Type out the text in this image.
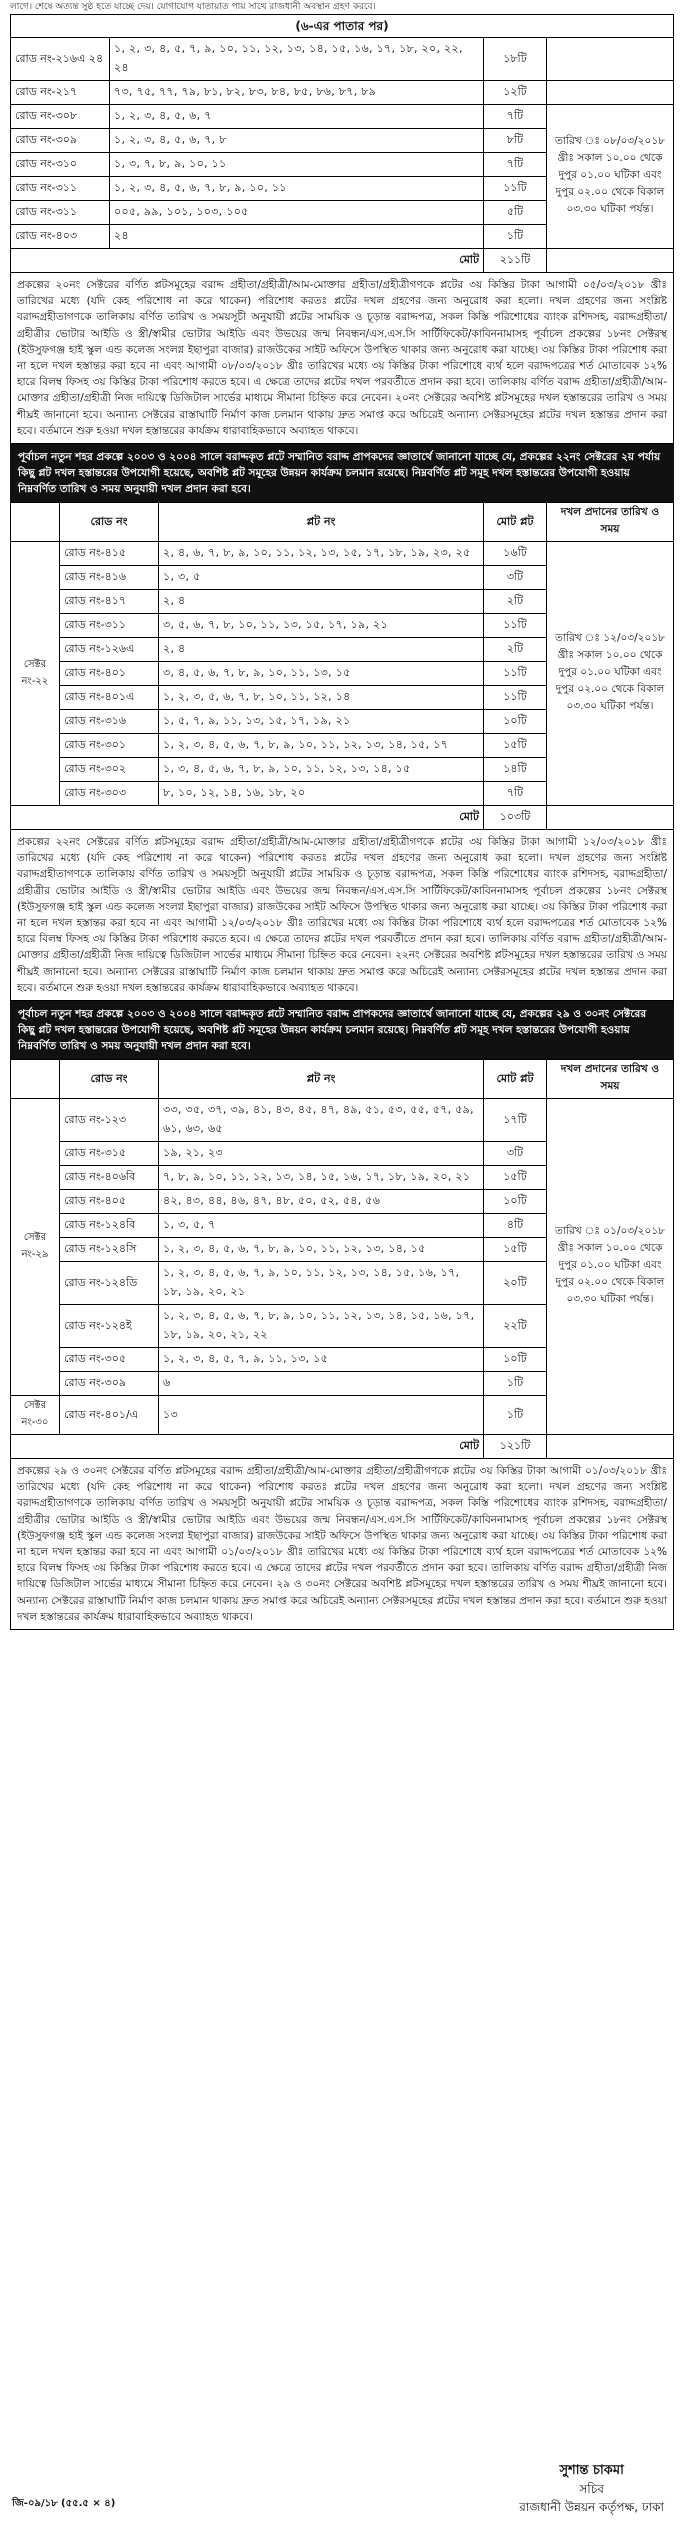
লাগে। শেষে অত্যন্ত সুষ্ঠ হতে যাচ্ছে দেয়। যোগাযোগ যাতায়াত পায় সাথে রাজধানী অবস্থান গ্রহণ করবে।
(৬-এর পাতার পর)
রোড নং-২১৬এ ২৪	১, ২, ৩, ৪, ৫, ৭, ৯, ১০, ১১, ১২, ১৩, ১৪, ১৫, ১৬, ১৭, ১৮, ২০, ২২, ২৪	১৮টি	
রোড নং-২১৭	৭৩, ৭৫, ৭৭, ৭৯, ৮১, ৮২, ৮৩, ৮৪, ৮৫, ৮৬, ৮৭, ৮৯	১২টি	
রোড নং-৩০৮	১, ২, ৩, ৪, ৫, ৬, ৭	৭টি	তারিখ ঃ ০৮/০৩/২০১৮ খ্রীঃ সকাল ১০.০০ থেকে দুপুর ০১.০০ ঘটিকা এবং দুপুর ০২.০০ থেকে বিকাল ০৩.৩০ ঘটিকা পর্যন্ত।
রোড নং-৩০৯	১, ২, ৩, ৪, ৫, ৬, ৭, ৮	৮টি	
রোড নং-৩১০	১, ৩, ৭, ৮, ৯, ১০, ১১	৭টি	
রোড নং-৩১১	১, ২, ৩, ৪, ৫, ৬, ৭, ৮, ৯, ১০, ১১	১১টি	
রোড নং-৩১১	০০৫, ৯৯, ১০১, ১০৩, ১০৫	৫টি	
রোড নং-৪০৩	২৪	১টি	
মোট		২১১টি	

প্রকল্পের ২০নং সেক্টরের বর্ণিত প্লটসমূহের বরাদ্দ গ্রহীতা/গ্রহীত্রী/আম-মোক্তার গ্রহীতা/গ্রহীত্রীগণকে প্লটের ৩য় কিস্তির টাকা আগামী ০৫/০৩/২০১৮ খ্রীঃ তারিখের মধ্যে (যদি কেহ পরিশোধ না করে থাকেন) পরিশোধ করতঃ প্লটের দখল গ্রহণের জন্য অনুরোধ করা হলো। দখল গ্রহণের জন্য সংশ্লিষ্ট বরাদ্দগ্রহীতাগণকে তালিকায় বর্ণিত তারিখ ও সময়সূচী অনুযায়ী প্লটের সাময়িক ও চূড়ান্ত বরাদ্দপত্র, সকল কিস্তি পরিশোধের ব্যাংক রশিদসহ, বরাদ্দগ্রহীতা/গ্রহীত্রীর ভোটার আইডি ও স্ত্রী/স্বামীর ভোটার আইডি এবং উভয়ের জন্ম নিবন্ধন/এস.এস.সি সার্টিফিকেট/কাবিননামাসহ পূর্বাচল প্রকল্পের ১৮নং সেক্টরস্থ (ইউসুফগঞ্জ হাই স্কুল এন্ড কলেজ সংলগ্ন ইছাপুরা বাজার) রাজউকের সাইট অফিসে উপস্থিত থাকার জন্য অনুরোধ করা যাচ্ছে। ৩য় কিস্তির টাকা পরিশোধ করা না হলে দখল হস্তান্তর করা হবে না এবং আগামী ০৮/০৩/২০১৮ খ্রীঃ তারিখের মধ্যে ৩য় কিস্তির টাকা পরিশোধে ব্যর্থ হলে বরাদ্দপত্রের শর্ত মোতাবেক ১২% হারে বিলম্ব ফিসহ ৩য় কিস্তির টাকা পরিশোধ করতে হবে। এ ক্ষেত্রে তাদের প্লটের দখল পরবর্তীতে প্রদান করা হবে। তালিকায় বর্ণিত বরাদ্দ গ্রহীতা/গ্রহীত্রী/আম-মোক্তার গ্রহীতা/গ্রহীত্রী নিজ দায়িত্বে ডিজিটাল সার্ভের মাধ্যমে সীমানা চিহ্নিত করে নেবেন। ২০নং সেক্টরের অবশিষ্ট প্লটসমূহের দখল হস্তান্তরের তারিখ ও সময় শীঘ্রই জানানো হবে। অন্যান্য সেক্টরের রাস্তাঘাটি নির্মাণ কাজ চলমান থাকায় দ্রুত সমাপ্ত করে অচিরেই অন্যান্য সেক্টরসমূহের প্লটের দখল হস্তান্তর প্রদান করা হবে। বর্তমানে শুরু হওয়া দখল হস্তান্তরের কার্যক্রম ধারাবাহিকভাবে অব্যাহত থাকবে।

পূর্বাচল নতুন শহর প্রকল্পে ২০০৩ ও ২০০৪ সালে বরাদ্দকৃত প্লটে সম্মানিত বরাদ্দ প্রাপকদের জ্ঞাতার্থে জানানো যাচ্ছে যে, প্রকল্পের ২২নং সেক্টরের ২য় পর্যায় কিছু প্লট দখল হস্তান্তরের উপযোগী হয়েছে, অবশিষ্ট প্লট সমূহের উন্নয়ন কার্যক্রম চলমান রয়েছে। নিম্নবর্ণিত প্লট সমূহ দখল হস্তান্তরের উপযোগী হওয়ায় নিম্নবর্ণিত তারিখ ও সময় অনুযায়ী দখল প্রদান করা হবে।
	রোড নং	প্লট নং	মোট প্লট	দখল প্রদানের তারিখ ও সময়
সেক্টর নং-২২	রোড নং-৪১৫	২, ৪, ৬, ৭, ৮, ৯, ১০, ১১, ১২, ১৩, ১৫, ১৭, ১৮, ১৯, ২৩, ২৫	১৬টি	তারিখ ঃ ১২/০৩/২০১৮ খ্রীঃ সকাল ১০.০০ থেকে দুপুর ০১.০০ ঘটিকা এবং দুপুর ০২.০০ থেকে বিকাল ০৩.৩০ ঘটিকা পর্যন্ত।
	রোড নং-৪১৬	১, ৩, ৫	৩টি	
	রোড নং-৪১৭	২, ৪	২টি	
	রোড নং-৩১১	৩, ৫, ৬, ৭, ৮, ১০, ১১, ১৩, ১৫, ১৭, ১৯, ২১	১১টি	
	রোড নং-১২৬এ	২, ৪	২টি	
	রোড নং-৪০১	৩, ৪, ৫, ৬, ৭, ৮, ৯, ১০, ১১, ১৩, ১৫	১১টি	
	রোড নং-৪০১এ	১, ২, ৩, ৫, ৬, ৭, ৮, ১০, ১১, ১২, ১৪	১১টি	
	রোড নং-৩১৬	১, ৫, ৭, ৯, ১১, ১৩, ১৫, ১৭, ১৯, ২১	১০টি	
	রোড নং-৩০১	১, ২, ৩, ৪, ৫, ৬, ৭, ৮, ৯, ১০, ১১, ১২, ১৩, ১৪, ১৫, ১৭	১৫টি	
	রোড নং-৩০২	১, ৩, ৪, ৫, ৬, ৭, ৮, ৯, ১০, ১১, ১২, ১৩, ১৪, ১৫	১৪টি	
	রোড নং-৩০৩	৮, ১০, ১২, ১৪, ১৬, ১৮, ২০	৭টি	
মোট			১০৩টি	

প্রকল্পের ২২নং সেক্টরের বর্ণিত প্লটসমূহের বরাদ্দ গ্রহীতা/গ্রহীত্রী/আম-মোক্তার গ্রহীতা/গ্রহীত্রীগণকে প্লটের ৩য় কিস্তির টাকা আগামী ১২/০৩/২০১৮ খ্রীঃ তারিখের মধ্যে (যদি কেহ পরিশোধ না করে থাকেন) পরিশোধ করতঃ প্লটের দখল গ্রহণের জন্য অনুরোধ করা হলো। দখল গ্রহণের জন্য সংশ্লিষ্ট বরাদ্দগ্রহীতাগণকে তালিকায় বর্ণিত তারিখ ও সময়সূচী অনুযায়ী প্লটের সাময়িক ও চূড়ান্ত বরাদ্দপত্র, সকল কিস্তি পরিশোধের ব্যাংক রশিদসহ, বরাদ্দগ্রহীতা/গ্রহীত্রীর ভোটার আইডি ও স্ত্রী/স্বামীর ভোটার আইডি এবং উভয়ের জন্ম নিবন্ধন/এস.এস.সি সার্টিফিকেট/কাবিননামাসহ পূর্বাচল প্রকল্পের ১৮নং সেক্টরস্থ (ইউসুফগঞ্জ হাই স্কুল এন্ড কলেজ সংলগ্ন ইছাপুরা বাজার) রাজউকের সাইট অফিসে উপস্থিত থাকার জন্য অনুরোধ করা যাচ্ছে। ৩য় কিস্তির টাকা পরিশোধ করা না হলে দখল হস্তান্তর করা হবে না এবং আগামী ১২/০৩/২০১৮ খ্রীঃ তারিখের মধ্যে ৩য় কিস্তির টাকা পরিশোধে ব্যর্থ হলে বরাদ্দপত্রের শর্ত মোতাবেক ১২% হারে বিলম্ব ফিসহ ৩য় কিস্তির টাকা পরিশোধ করতে হবে। এ ক্ষেত্রে তাদের প্লটের দখল পরবর্তীতে প্রদান করা হবে। তালিকায় বর্ণিত বরাদ্দ গ্রহীতা/গ্রহীত্রী/আম-মোক্তার গ্রহীতা/গ্রহীত্রী নিজ দায়িত্বে ডিজিটাল সার্ভের মাধ্যমে সীমানা চিহ্নিত করে নেবেন। ২২নং সেক্টরের অবশিষ্ট প্লটসমূহের দখল হস্তান্তরের তারিখ ও সময় শীঘ্রই জানানো হবে। অন্যান্য সেক্টরের রাস্তাঘাটি নির্মাণ কাজ চলমান থাকায় দ্রুত সমাপ্ত করে অচিরেই অন্যান্য সেক্টরসমূহের প্লটের দখল হস্তান্তর প্রদান করা হবে। বর্তমানে শুরু হওয়া দখল হস্তান্তরের কার্যক্রম ধারাবাহিকভাবে অব্যাহত থাকবে।

পূর্বাচল নতুন শহর প্রকল্পে ২০০৩ ও ২০০৪ সালে বরাদ্দকৃত প্লটে সম্মানিত বরাদ্দ প্রাপকদের জ্ঞাতার্থে জানানো যাচ্ছে যে, প্রকল্পের ২৯ ও ৩০নং সেক্টরের কিছু প্লট দখল হস্তান্তরের উপযোগী হয়েছে, অবশিষ্ট প্লট সমূহের উন্নয়ন কার্যক্রম চলমান রয়েছে। নিম্নবর্ণিত প্লট সমূহ দখল হস্তান্তরের উপযোগী হওয়ায় নিম্নবর্ণিত তারিখ ও সময় অনুযায়ী দখল প্রদান করা হবে।
	রোড নং	প্লট নং	মোট প্লট	দখল প্রদানের তারিখ ও সময়
সেক্টর নং-২৯	রোড নং-১২৩	৩৩, ৩৫, ৩৭, ৩৯, ৪১, ৪৩, ৪৫, ৪৭, ৪৯, ৫১, ৫৩, ৫৫, ৫৭, ৫৯, ৬১, ৬৩, ৬৫	১৭টি	তারিখ ঃ ০১/০৩/২০১৮ খ্রীঃ সকাল ১০.০০ থেকে দুপুর ০১.০০ ঘটিকা এবং দুপুর ০২.০০ থেকে বিকাল ০৩.৩০ ঘটিকা পর্যন্ত।
	রোড নং-৩১৫	১৯, ২১, ২৩	৩টি	
	রোড নং-৪০৬বি	৭, ৮, ৯, ১০, ১১, ১২, ১৩, ১৪, ১৫, ১৬, ১৭, ১৮, ১৯, ২০, ২১	১৫টি	
	রোড নং-৪০৫	৪২, ৪৩, ৪৪, ৪৬, ৪৭, ৪৮, ৫০, ৫২, ৫৪, ৫৬	১০টি	
	রোড নং-১২৪বি	১, ৩, ৫, ৭	৪টি	
	রোড নং-১২৪সি	১, ২, ৩, ৪, ৫, ৬, ৭, ৮, ৯, ১০, ১১, ১২, ১৩, ১৪, ১৫	১৫টি	
	রোড নং-১২৪ডি	১, ২, ৩, ৪, ৫, ৬, ৭, ৯, ১০, ১১, ১২, ১৩, ১৪, ১৫, ১৬, ১৭, ১৮, ১৯, ২০, ২১	২০টি	
	রোড নং-১২৪ই	১, ২, ৩, ৪, ৫, ৬, ৭, ৮, ৯, ১০, ১১, ১২, ১৩, ১৪, ১৫, ১৬, ১৭, ১৮, ১৯, ২০, ২১, ২২	২২টি	
	রোড নং-৩০৫	১, ২, ৩, ৪, ৫, ৭, ৯, ১১, ১৩, ১৫	১০টি	
	রোড নং-৩০৯	৬	১টি	
সেক্টর নং-৩০	রোড নং-৪০১/এ	১৩	১টি	
মোট			১২১টি	

প্রকল্পের ২৯ ও ৩০নং সেক্টরের বর্ণিত প্লটসমূহের বরাদ্দ গ্রহীতা/গ্রহীত্রী/আম-মোক্তার গ্রহীতা/গ্রহীত্রীগণকে প্লটের ৩য় কিস্তির টাকা আগামী ০১/০৩/২০১৮ খ্রীঃ তারিখের মধ্যে (যদি কেহ পরিশোধ না করে থাকেন) পরিশোধ করতঃ প্লটের দখল গ্রহণের জন্য অনুরোধ করা হলো। দখল গ্রহণের জন্য সংশ্লিষ্ট বরাদ্দগ্রহীতাগণকে তালিকায় বর্ণিত তারিখ ও সময়সূচী অনুযায়ী প্লটের সাময়িক ও চূড়ান্ত বরাদ্দপত্র, সকল কিস্তি পরিশোধের ব্যাংক রশিদসহ, বরাদ্দগ্রহীতা/গ্রহীত্রীর ভোটার আইডি ও স্ত্রী/স্বামীর ভোটার আইডি এবং উভয়ের জন্ম নিবন্ধন/এস.এস.সি সার্টিফিকেট/কাবিননামাসহ পূর্বাচল প্রকল্পের ১৮নং সেক্টরস্থ (ইউসুফগঞ্জ হাই স্কুল এন্ড কলেজ সংলগ্ন ইছাপুরা বাজার) রাজউকের সাইট অফিসে উপস্থিত থাকার জন্য অনুরোধ করা যাচ্ছে। ৩য় কিস্তির টাকা পরিশোধ করা না হলে দখল হস্তান্তর করা হবে না এবং আগামী ০১/০৩/২০১৮ খ্রীঃ তারিখের মধ্যে ৩য় কিস্তির টাকা পরিশোধে ব্যর্থ হলে বরাদ্দপত্রের শর্ত মোতাবেক ১২% হারে বিলম্ব ফিসহ ৩য় কিস্তির টাকা পরিশোধ করতে হবে। এ ক্ষেত্রে তাদের প্লটের দখল পরবর্তীতে প্রদান করা হবে। তালিকায় বর্ণিত বরাদ্দ গ্রহীতা/গ্রহীত্রী নিজ দায়িত্বে ডিজিটাল সার্ভের মাধ্যমে সীমানা চিহ্নিত করে নেবেন। ২৯ ও ৩০নং সেক্টরের অবশিষ্ট প্লটসমূহের দখল হস্তান্তরের তারিখ ও সময় শীঘ্রই জানানো হবে। অন্যান্য সেক্টরের রাস্তাঘাটি নির্মাণ কাজ চলমান থাকায় দ্রুত সমাপ্ত করে অচিরেই অন্যান্য সেক্টরসমূহের প্লটের দখল হস্তান্তর প্রদান করা হবে। বর্তমানে শুরু হওয়া দখল হস্তান্তরের কার্যক্রম ধারাবাহিকভাবে অব্যাহত থাকবে।

জি-০৯/১৮ (৫৫.৫ × ৪)
সুশান্ত চাকমা
সচিব
রাজধানী উন্নয়ন কর্তৃপক্ষ, ঢাকা
